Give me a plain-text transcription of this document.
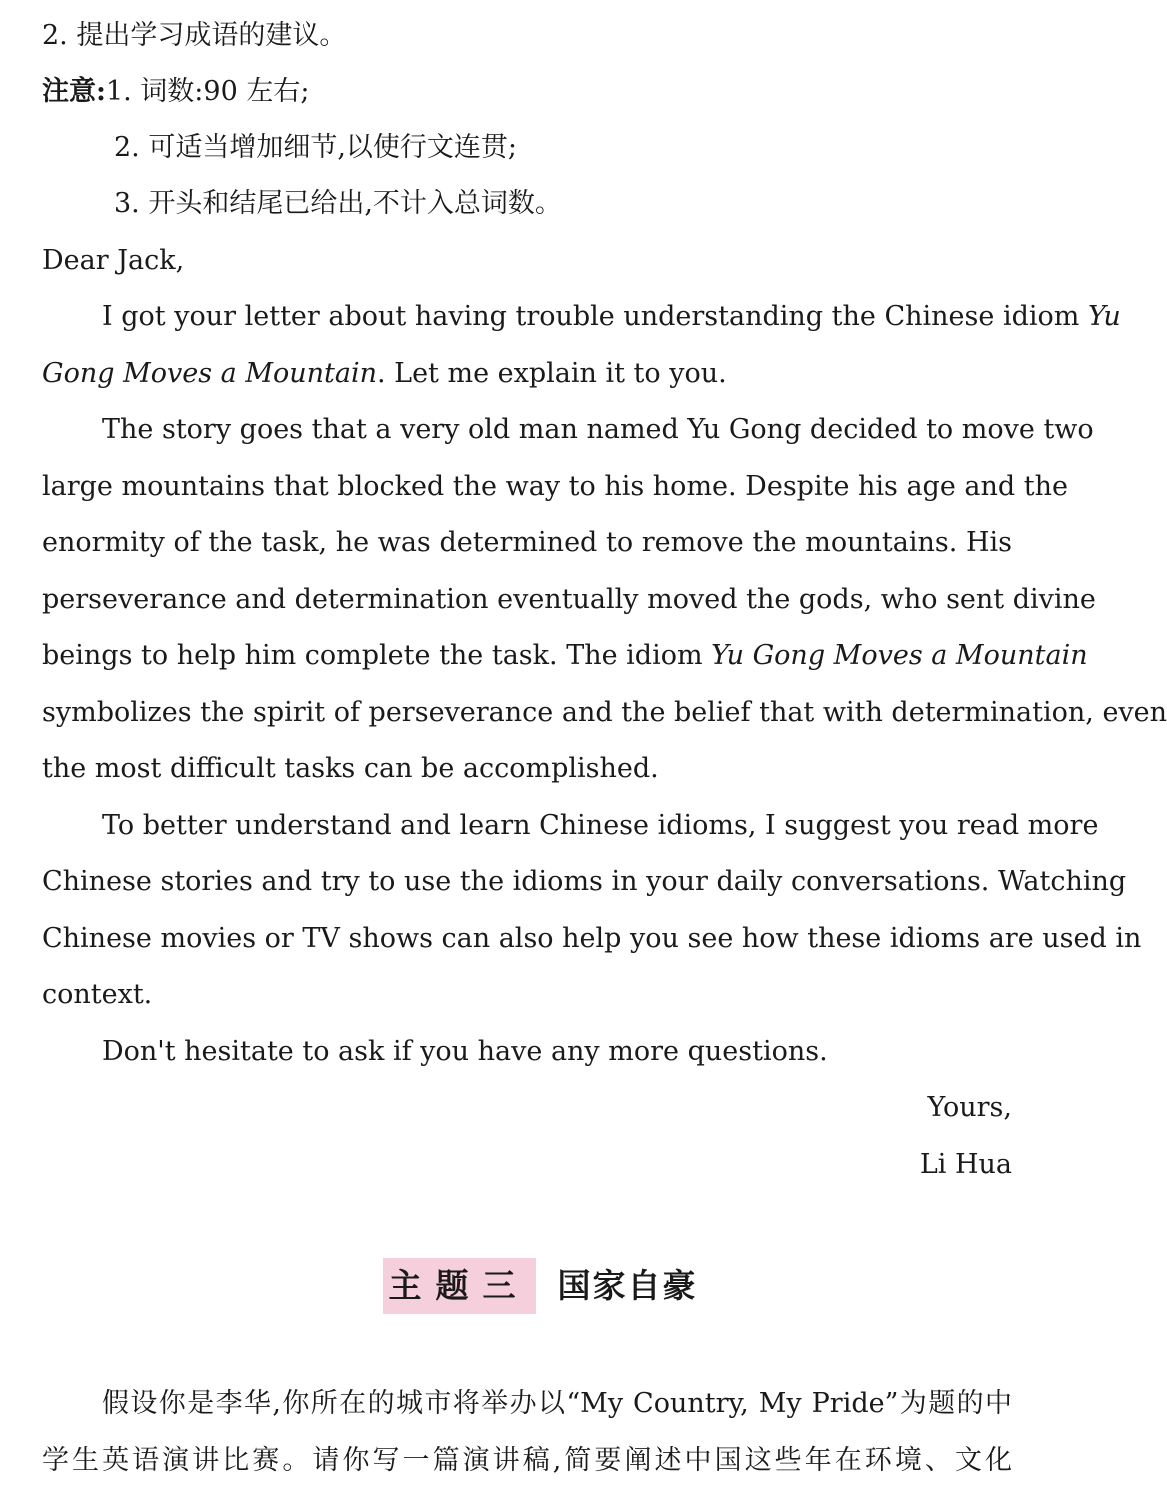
2. 提出学习成语的建议。
注意:1. 词数:90 左右;
2. 可适当增加细节,以使行文连贯;
3. 开头和结尾已给出,不计入总词数。
Dear Jack,
I got your letter about having trouble understanding the Chinese idiom Yu
Gong Moves a Mountain. Let me explain it to you.
The story goes that a very old man named Yu Gong decided to move two
large mountains that blocked the way to his home. Despite his age and the
enormity of the task, he was determined to remove the mountains. His
perseverance and determination eventually moved the gods, who sent divine
beings to help him complete the task. The idiom Yu Gong Moves a Mountain
symbolizes the spirit of perseverance and the belief that with determination, even
the most difficult tasks can be accomplished.
To better understand and learn Chinese idioms, I suggest you read more
Chinese stories and try to use the idioms in your daily conversations. Watching
Chinese movies or TV shows can also help you see how these idioms are used in
context.
Don't hesitate to ask if you have any more questions.
Yours,
Li Hua
主题三 国家自豪
假设你是李华,你所在的城市将举办以“My Country, My Pride”为题的中
学生英语演讲比赛。请你写一篇演讲稿,简要阐述中国这些年在环境、文化
